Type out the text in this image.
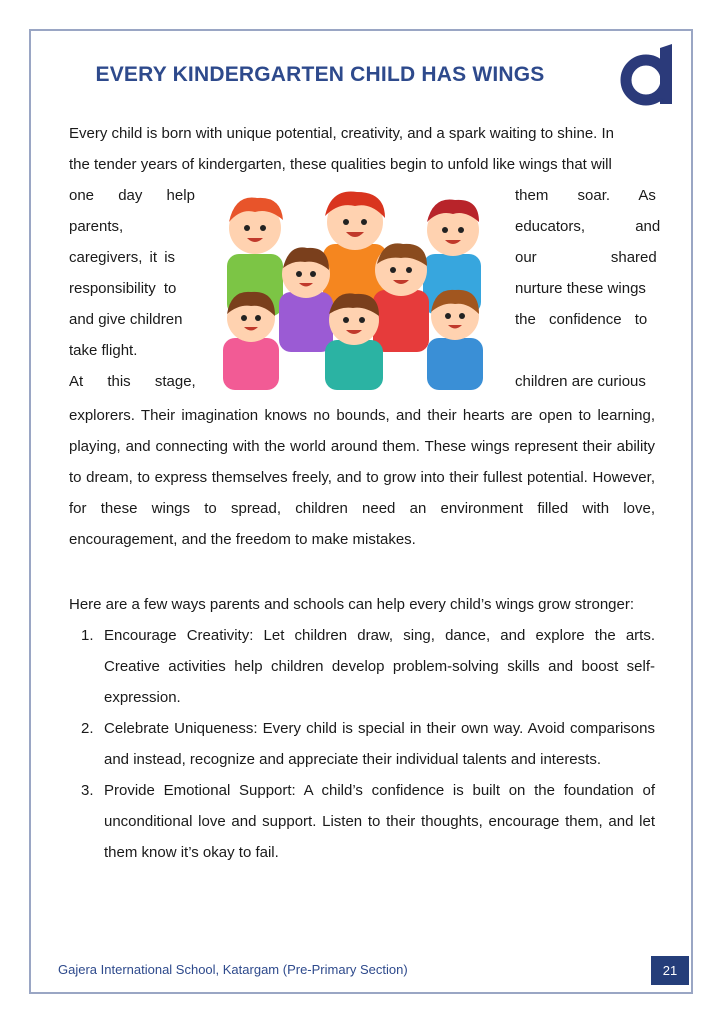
EVERY KINDERGARTEN CHILD HAS WINGS
SINCE 1995
Every child is born with unique potential, creativity, and a spark waiting to shine. In
the tender years of kindergarten, these qualities begin to unfold like wings that will
one day help
parents,
caregivers, it is
responsibility to
and give children
take flight.
At this stage,
them soar. As
educators, and
our shared
nurture these wings
the confidence to
children are curious
explorers. Their imagination knows no bounds, and their hearts are open to learning, playing, and connecting with the world around them. These wings represent their ability to dream, to express themselves freely, and to grow into their fullest potential. However, for these wings to spread, children need an environment filled with love, encouragement, and the freedom to make mistakes.
Here are a few ways parents and schools can help every child’s wings grow stronger:
1. Encourage Creativity: Let children draw, sing, dance, and explore the arts. Creative activities help children develop problem-solving skills and boost self-expression.
2. Celebrate Uniqueness: Every child is special in their own way. Avoid comparisons and instead, recognize and appreciate their individual talents and interests.
3. Provide Emotional Support: A child’s confidence is built on the foundation of unconditional love and support. Listen to their thoughts, encourage them, and let them know it’s okay to fail.
Gajera International School, Katargam (Pre-Primary Section)	21
